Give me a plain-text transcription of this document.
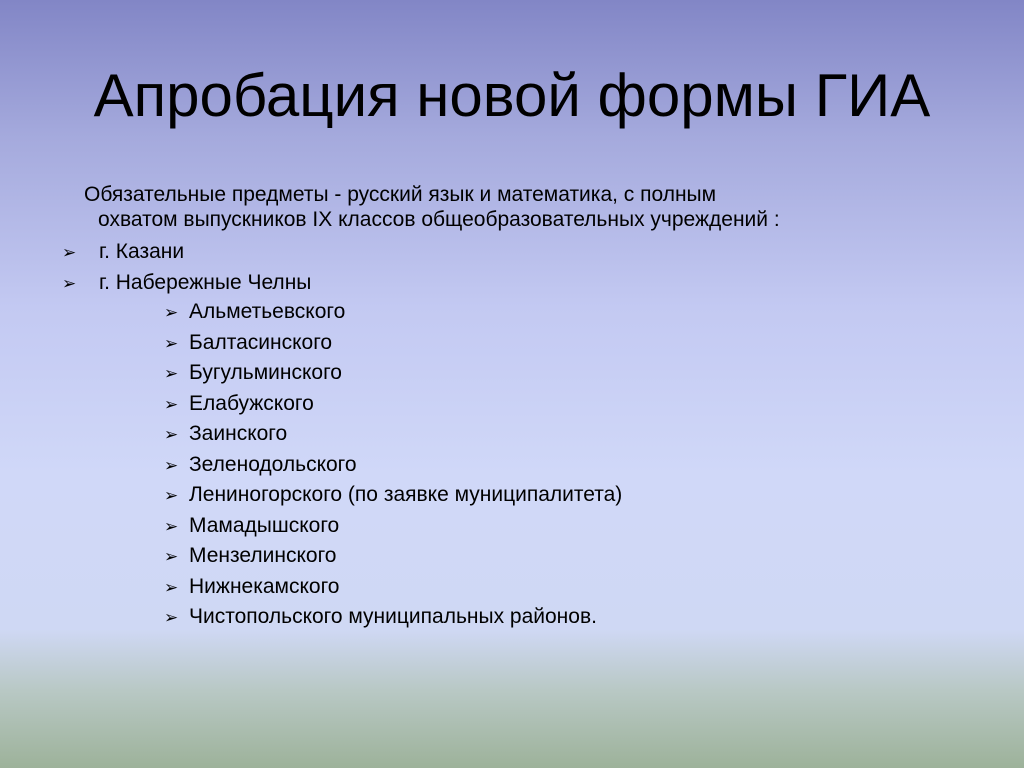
Апробация новой формы ГИА

Обязательные предметы - русский язык и математика, с полным
охватом выпускников IX классов общеобразовательных учреждений :

➢ г. Казани
➢ г. Набережные Челны
➢ Альметьевского
➢ Балтасинского
➢ Бугульминского
➢ Елабужского
➢ Заинского
➢ Зеленодольского
➢ Лениногорского (по заявке муниципалитета)
➢ Мамадышского
➢ Мензелинского
➢ Нижнекамского
➢ Чистопольского муниципальных районов.
